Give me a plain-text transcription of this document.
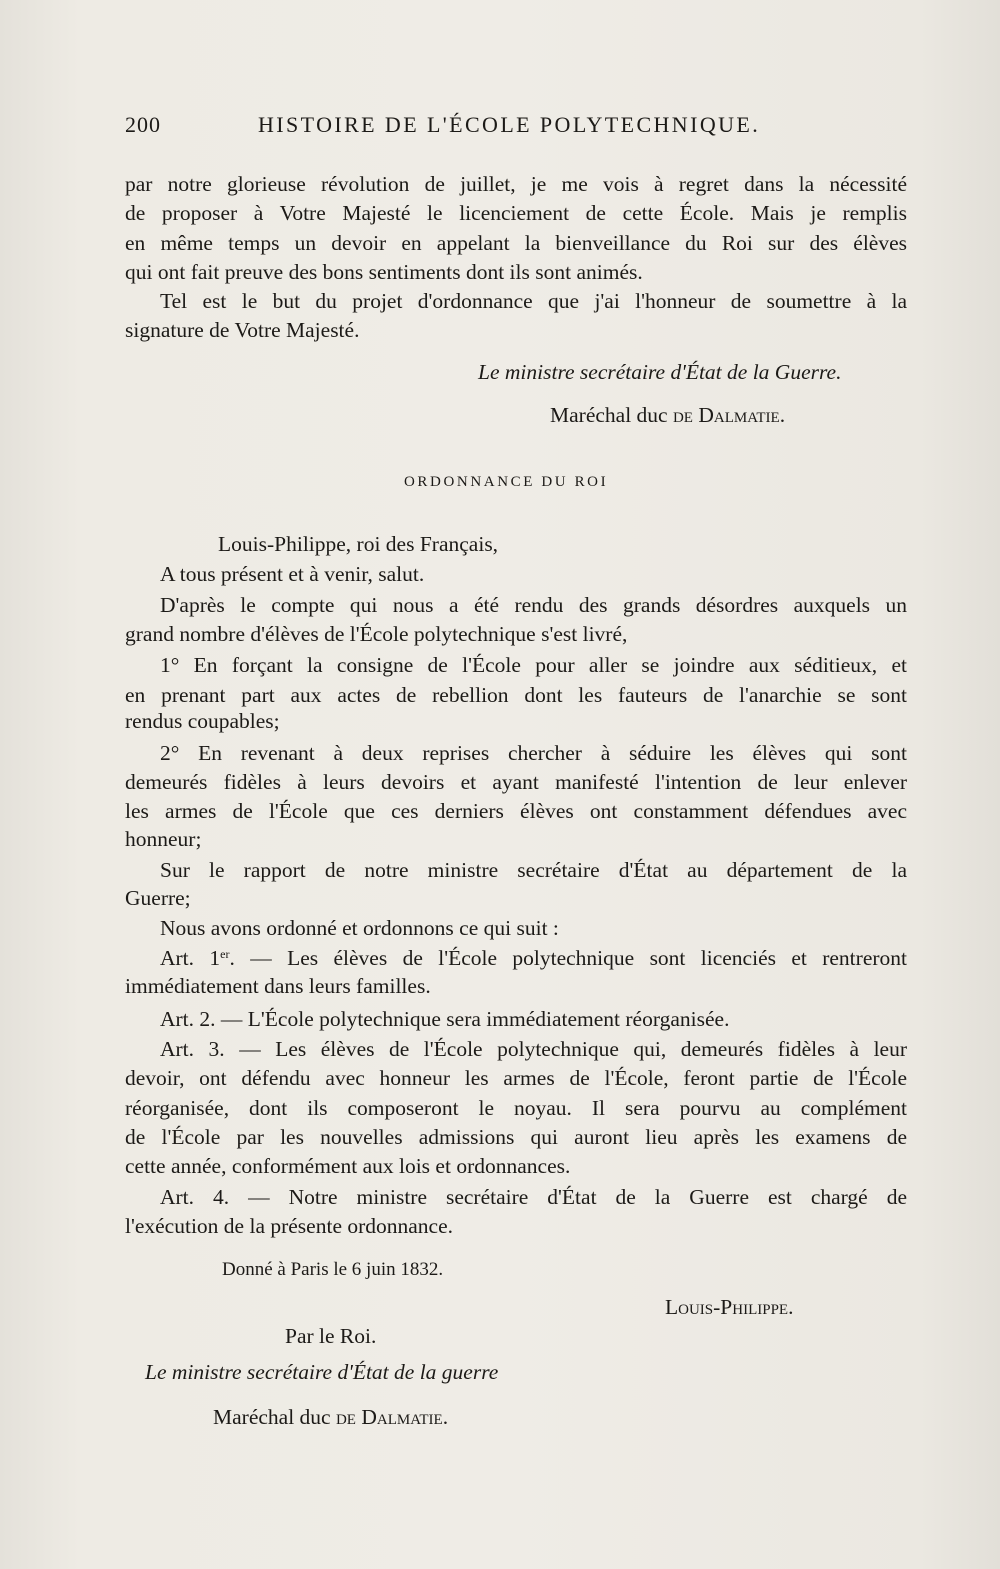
200	HISTOIRE DE L'ÉCOLE POLYTECHNIQUE.
par notre glorieuse révolution de juillet, je me vois à regret dans la nécessité
de proposer à Votre Majesté le licenciement de cette École. Mais je remplis
en même temps un devoir en appelant la bienveillance du Roi sur des élèves
qui ont fait preuve des bons sentiments dont ils sont animés.
Tel est le but du projet d'ordonnance que j'ai l'honneur de soumettre à la
signature de Votre Majesté.
Le ministre secrétaire d'État de la Guerre.
Maréchal duc de Dalmatie.
ORDONNANCE DU ROI
Louis-Philippe, roi des Français,
A tous présent et à venir, salut.
D'après le compte qui nous a été rendu des grands désordres auxquels un
grand nombre d'élèves de l'École polytechnique s'est livré,
1° En forçant la consigne de l'École pour aller se joindre aux séditieux, et
en prenant part aux actes de rebellion dont les fauteurs de l'anarchie se sont
rendus coupables;
2° En revenant à deux reprises chercher à séduire les élèves qui sont
demeurés fidèles à leurs devoirs et ayant manifesté l'intention de leur enlever
les armes de l'École que ces derniers élèves ont constamment défendues avec
honneur;
Sur le rapport de notre ministre secrétaire d'État au département de la
Guerre;
Nous avons ordonné et ordonnons ce qui suit :
Art. 1er. — Les élèves de l'École polytechnique sont licenciés et rentreront
immédiatement dans leurs familles.
Art. 2. — L'École polytechnique sera immédiatement réorganisée.
Art. 3. — Les élèves de l'École polytechnique qui, demeurés fidèles à leur
devoir, ont défendu avec honneur les armes de l'École, feront partie de l'École
réorganisée, dont ils composeront le noyau. Il sera pourvu au complément
de l'École par les nouvelles admissions qui auront lieu après les examens de
cette année, conformément aux lois et ordonnances.
Art. 4. — Notre ministre secrétaire d'État de la Guerre est chargé de
l'exécution de la présente ordonnance.
Donné à Paris le 6 juin 1832.
Louis-Philippe.
Par le Roi.
Le ministre secrétaire d'État de la guerre
Maréchal duc de Dalmatie.
